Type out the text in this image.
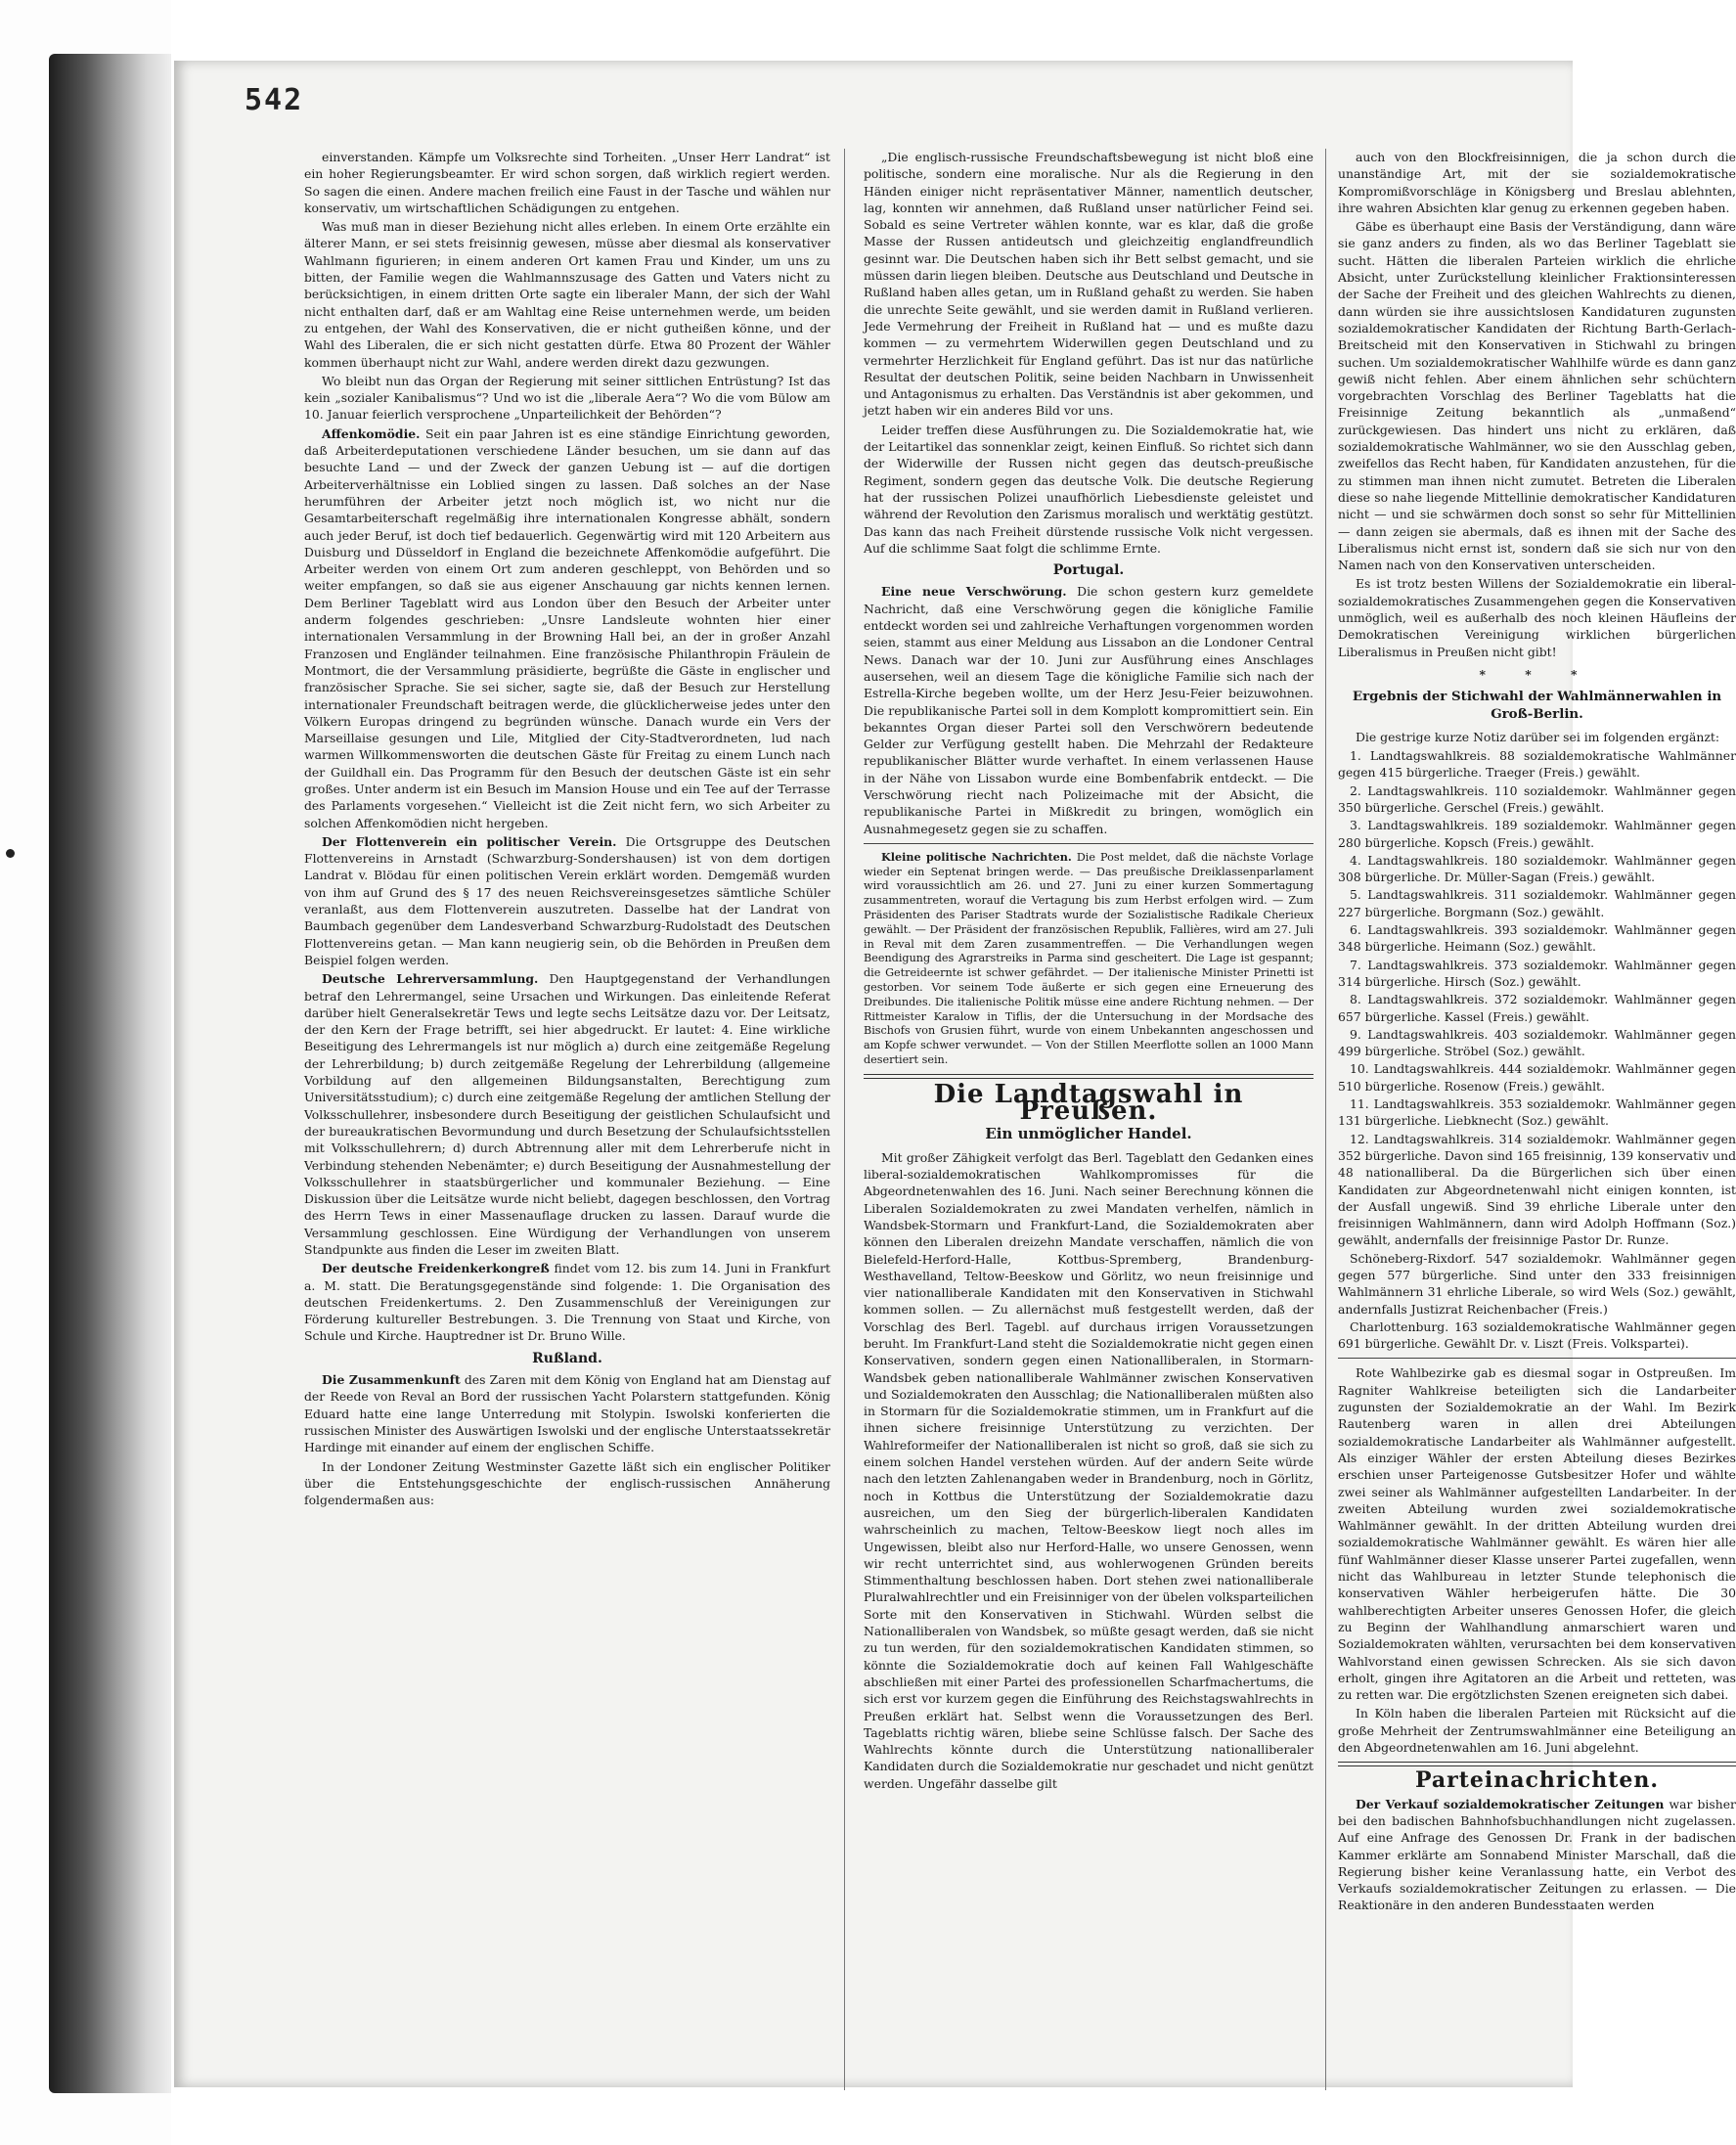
542

einverstanden. Kämpfe um Volksrechte sind Torheiten. „Unser Herr Landrat“ ist ein hoher Regierungsbeamter. Er wird schon sorgen, daß wirklich regiert werden. So sagen die einen. Andere machen freilich eine Faust in der Tasche und wählen nur konservativ, um wirtschaftlichen Schädigungen zu entgehen.

Was muß man in dieser Beziehung nicht alles erleben. In einem Orte erzählte ein älterer Mann, er sei stets freisinnig gewesen, müsse aber diesmal als konservativer Wahlmann figurieren; in einem anderen Ort kamen Frau und Kinder, um uns zu bitten, der Familie wegen die Wahlmannszusage des Gatten und Vaters nicht zu berücksichtigen, in einem dritten Orte sagte ein liberaler Mann, der sich der Wahl nicht enthalten darf, daß er am Wahltag eine Reise unternehmen werde, um beiden zu entgehen, der Wahl des Konservativen, die er nicht gutheißen könne, und der Wahl des Liberalen, die er sich nicht gestatten dürfe. Etwa 80 Prozent der Wähler kommen überhaupt nicht zur Wahl, andere werden direkt dazu gezwungen.

Wo bleibt nun das Organ der Regierung mit seiner sittlichen Entrüstung? Ist das kein „sozialer Kanibalismus“? Und wo ist die „liberale Aera“? Wo die vom Bülow am 10. Januar feierlich versprochene „Unparteilichkeit der Behörden“?

Affenkomödie. Seit ein paar Jahren ist es eine ständige Einrichtung geworden, daß Arbeiterdeputationen verschiedene Länder besuchen, um sie dann auf das besuchte Land — und der Zweck der ganzen Uebung ist — auf die dortigen Arbeiterverhältnisse ein Loblied singen zu lassen. Daß solches an der Nase herumführen der Arbeiter jetzt noch möglich ist, wo nicht nur die Gesamtarbeiterschaft regelmäßig ihre internationalen Kongresse abhält, sondern auch jeder Beruf, ist doch tief bedauerlich. Gegenwärtig wird mit 120 Arbeitern aus Duisburg und Düsseldorf in England die bezeichnete Affenkomödie aufgeführt. Die Arbeiter werden von einem Ort zum anderen geschleppt, von Behörden und so weiter empfangen, so daß sie aus eigener Anschauung gar nichts kennen lernen. Dem Berliner Tageblatt wird aus London über den Besuch der Arbeiter unter anderm folgendes geschrieben: „Unsre Landsleute wohnten hier einer internationalen Versammlung in der Browning Hall bei, an der in großer Anzahl Franzosen und Engländer teilnahmen. Eine französische Philanthropin Fräulein de Montmort, die der Versammlung präsidierte, begrüßte die Gäste in englischer und französischer Sprache. Sie sei sicher, sagte sie, daß der Besuch zur Herstellung internationaler Freundschaft beitragen werde, die glücklicherweise jedes unter den Völkern Europas dringend zu begründen wünsche. Danach wurde ein Vers der Marseillaise gesungen und Lile, Mitglied der City-Stadtverordneten, lud nach warmen Willkommensworten die deutschen Gäste für Freitag zu einem Lunch nach der Guildhall ein. Das Programm für den Besuch der deutschen Gäste ist ein sehr großes. Unter anderm ist ein Besuch im Mansion House und ein Tee auf der Terrasse des Parlaments vorgesehen.“ Vielleicht ist die Zeit nicht fern, wo sich Arbeiter zu solchen Affenkomödien nicht hergeben.

Der Flottenverein ein politischer Verein. Die Ortsgruppe des Deutschen Flottenvereins in Arnstadt (Schwarzburg-Sondershausen) ist von dem dortigen Landrat v. Blödau für einen politischen Verein erklärt worden. Demgemäß wurden von ihm auf Grund des § 17 des neuen Reichsvereinsgesetzes sämtliche Schüler veranlaßt, aus dem Flottenverein auszutreten. Dasselbe hat der Landrat von Baumbach gegenüber dem Landesverband Schwarzburg-Rudolstadt des Deutschen Flottenvereins getan. — Man kann neugierig sein, ob die Behörden in Preußen dem Beispiel folgen werden.

Deutsche Lehrerversammlung. Den Hauptgegenstand der Verhandlungen betraf den Lehrermangel, seine Ursachen und Wirkungen. Das einleitende Referat darüber hielt Generalsekretär Tews und legte sechs Leitsätze dazu vor. Der Leitsatz, der den Kern der Frage betrifft, sei hier abgedruckt. Er lautet: 4. Eine wirkliche Beseitigung des Lehrermangels ist nur möglich a) durch eine zeitgemäße Regelung der Lehrerbildung; b) durch zeitgemäße Regelung der Lehrerbildung (allgemeine Vorbildung auf den allgemeinen Bildungsanstalten, Berechtigung zum Universitätsstudium); c) durch eine zeitgemäße Regelung der amtlichen Stellung der Volksschullehrer, insbesondere durch Beseitigung der geistlichen Schulaufsicht und der bureaukratischen Bevormundung und durch Besetzung der Schulaufsichtsstellen mit Volksschullehrern; d) durch Abtrennung aller mit dem Lehrerberufe nicht in Verbindung stehenden Nebenämter; e) durch Beseitigung der Ausnahmestellung der Volksschullehrer in staatsbürgerlicher und kommunaler Beziehung. — Eine Diskussion über die Leitsätze wurde nicht beliebt, dagegen beschlossen, den Vortrag des Herrn Tews in einer Massenauflage drucken zu lassen. Darauf wurde die Versammlung geschlossen. Eine Würdigung der Verhandlungen von unserem Standpunkte aus finden die Leser im zweiten Blatt.

Der deutsche Freidenkerkongreß findet vom 12. bis zum 14. Juni in Frankfurt a. M. statt. Die Beratungsgegenstände sind folgende: 1. Die Organisation des deutschen Freidenkertums. 2. Den Zusammenschluß der Vereinigungen zur Förderung kultureller Bestrebungen. 3. Die Trennung von Staat und Kirche, von Schule und Kirche. Hauptredner ist Dr. Bruno Wille.

Rußland.

Die Zusammenkunft des Zaren mit dem König von England hat am Dienstag auf der Reede von Reval an Bord der russischen Yacht Polarstern stattgefunden. König Eduard hatte eine lange Unterredung mit Stolypin. Iswolski konferierten die russischen Minister des Auswärtigen Iswolski und der englische Unterstaatssekretär Hardinge mit einander auf einem der englischen Schiffe.

In der Londoner Zeitung Westminster Gazette läßt sich ein englischer Politiker über die Entstehungsgeschichte der englisch-russischen Annäherung folgendermaßen aus:

„Die englisch-russische Freundschaftsbewegung ist nicht bloß eine politische, sondern eine moralische. Nur als die Regierung in den Händen einiger nicht repräsentativer Männer, namentlich deutscher, lag, konnten wir annehmen, daß Rußland unser natürlicher Feind sei. Sobald es seine Vertreter wählen konnte, war es klar, daß die große Masse der Russen antideutsch und gleichzeitig englandfreundlich gesinnt war. Die Deutschen haben sich ihr Bett selbst gemacht, und sie müssen darin liegen bleiben. Deutsche aus Deutschland und Deutsche in Rußland haben alles getan, um in Rußland gehaßt zu werden. Sie haben die unrechte Seite gewählt, und sie werden damit in Rußland verlieren. Jede Vermehrung der Freiheit in Rußland hat — und es mußte dazu kommen — zu vermehrtem Widerwillen gegen Deutschland und zu vermehrter Herzlichkeit für England geführt. Das ist nur das natürliche Resultat der deutschen Politik, seine beiden Nachbarn in Unwissenheit und Antagonismus zu erhalten. Das Verständnis ist aber gekommen, und jetzt haben wir ein anderes Bild vor uns.

Leider treffen diese Ausführungen zu. Die Sozialdemokratie hat, wie der Leitartikel das sonnenklar zeigt, keinen Einfluß. So richtet sich dann der Widerwille der Russen nicht gegen das deutsch-preußische Regiment, sondern gegen das deutsche Volk. Die deutsche Regierung hat der russischen Polizei unaufhörlich Liebesdienste geleistet und während der Revolution den Zarismus moralisch und werktätig gestützt. Das kann das nach Freiheit dürstende russische Volk nicht vergessen. Auf die schlimme Saat folgt die schlimme Ernte.

Portugal.

Eine neue Verschwörung. Die schon gestern kurz gemeldete Nachricht, daß eine Verschwörung gegen die königliche Familie entdeckt worden sei und zahlreiche Verhaftungen vorgenommen worden seien, stammt aus einer Meldung aus Lissabon an die Londoner Central News. Danach war der 10. Juni zur Ausführung eines Anschlages ausersehen, weil an diesem Tage die königliche Familie sich nach der Estrella-Kirche begeben wollte, um der Herz Jesu-Feier beizuwohnen. Die republikanische Partei soll in dem Komplott kompromittiert sein. Ein bekanntes Organ dieser Partei soll den Verschwörern bedeutende Gelder zur Verfügung gestellt haben. Die Mehrzahl der Redakteure republikanischer Blätter wurde verhaftet. In einem verlassenen Hause in der Nähe von Lissabon wurde eine Bombenfabrik entdeckt. — Die Verschwörung riecht nach Polizeimache mit der Absicht, die republikanische Partei in Mißkredit zu bringen, womöglich ein Ausnahmegesetz gegen sie zu schaffen.

Kleine politische Nachrichten. Die Post meldet, daß die nächste Vorlage wieder ein Septenat bringen werde. — Das preußische Dreiklassenparlament wird voraussichtlich am 26. und 27. Juni zu einer kurzen Sommertagung zusammentreten, worauf die Vertagung bis zum Herbst erfolgen wird. — Zum Präsidenten des Pariser Stadtrats wurde der Sozialistische Radikale Cherieux gewählt. — Der Präsident der französischen Republik, Fallières, wird am 27. Juli in Reval mit dem Zaren zusammentreffen. — Die Verhandlungen wegen Beendigung des Agrarstreiks in Parma sind gescheitert. Die Lage ist gespannt; die Getreideernte ist schwer gefährdet. — Der italienische Minister Prinetti ist gestorben. Vor seinem Tode äußerte er sich gegen eine Erneuerung des Dreibundes. Die italienische Politik müsse eine andere Richtung nehmen. — Der Rittmeister Karalow in Tiflis, der die Untersuchung in der Mordsache des Bischofs von Grusien führt, wurde von einem Unbekannten angeschossen und am Kopfe schwer verwundet. — Von der Stillen Meerflotte sollen an 1000 Mann desertiert sein.

Die Landtagswahl in Preußen.
Ein unmöglicher Handel.

Mit großer Zähigkeit verfolgt das Berl. Tageblatt den Gedanken eines liberal-sozialdemokratischen Wahlkompromisses für die Abgeordnetenwahlen des 16. Juni. Nach seiner Berechnung können die Liberalen Sozialdemokraten zu zwei Mandaten verhelfen, nämlich in Wandsbek-Stormarn und Frankfurt-Land, die Sozialdemokraten aber können den Liberalen dreizehn Mandate verschaffen, nämlich die von Bielefeld-Herford-Halle, Kottbus-Spremberg, Brandenburg-Westhavelland, Teltow-Beeskow und Görlitz, wo neun freisinnige und vier nationalliberale Kandidaten mit den Konservativen in Stichwahl kommen sollen. — Zu allernächst muß festgestellt werden, daß der Vorschlag des Berl. Tagebl. auf durchaus irrigen Voraussetzungen beruht. Im Frankfurt-Land steht die Sozialdemokratie nicht gegen einen Konservativen, sondern gegen einen Nationalliberalen, in Stormarn-Wandsbek geben nationalliberale Wahlmänner zwischen Konservativen und Sozialdemokraten den Ausschlag; die Nationalliberalen müßten also in Stormarn für die Sozialdemokratie stimmen, um in Frankfurt auf die ihnen sichere freisinnige Unterstützung zu verzichten. Der Wahlreformeifer der Nationalliberalen ist nicht so groß, daß sie sich zu einem solchen Handel verstehen würden. Auf der andern Seite würde nach den letzten Zahlenangaben weder in Brandenburg, noch in Görlitz, noch in Kottbus die Unterstützung der Sozialdemokratie dazu ausreichen, um den Sieg der bürgerlich-liberalen Kandidaten wahrscheinlich zu machen, Teltow-Beeskow liegt noch alles im Ungewissen, bleibt also nur Herford-Halle, wo unsere Genossen, wenn wir recht unterrichtet sind, aus wohlerwogenen Gründen bereits Stimmenthaltung beschlossen haben. Dort stehen zwei nationalliberale Pluralwahlrechtler und ein Freisinniger von der übelen volksparteilichen Sorte mit den Konservativen in Stichwahl. Würden selbst die Nationalliberalen von Wandsbek, so müßte gesagt werden, daß sie nicht zu tun werden, für den sozialdemokratischen Kandidaten stimmen, so könnte die Sozialdemokratie doch auf keinen Fall Wahlgeschäfte abschließen mit einer Partei des professionellen Scharfmachertums, die sich erst vor kurzem gegen die Einführung des Reichstagswahlrechts in Preußen erklärt hat. Selbst wenn die Voraussetzungen des Berl. Tageblatts richtig wären, bliebe seine Schlüsse falsch. Der Sache des Wahlrechts könnte durch die Unterstützung nationalliberaler Kandidaten durch die Sozialdemokratie nur geschadet und nicht genützt werden. Ungefähr dasselbe gilt

auch von den Blockfreisinnigen, die ja schon durch die unanständige Art, mit der sie sozialdemokratische Kompromißvorschläge in Königsberg und Breslau ablehnten, ihre wahren Absichten klar genug zu erkennen gegeben haben.

Gäbe es überhaupt eine Basis der Verständigung, dann wäre sie ganz anders zu finden, als wo das Berliner Tageblatt sie sucht. Hätten die liberalen Parteien wirklich die ehrliche Absicht, unter Zurückstellung kleinlicher Fraktionsinteressen der Sache der Freiheit und des gleichen Wahlrechts zu dienen, dann würden sie ihre aussichtslosen Kandidaturen zugunsten sozialdemokratischer Kandidaten der Richtung Barth-Gerlach-Breitscheid mit den Konservativen in Stichwahl zu bringen suchen. Um sozialdemokratischer Wahlhilfe würde es dann ganz gewiß nicht fehlen. Aber einem ähnlichen sehr schüchtern vorgebrachten Vorschlag des Berliner Tageblatts hat die Freisinnige Zeitung bekanntlich als „unmaßend“ zurückgewiesen. Das hindert uns nicht zu erklären, daß sozialdemokratische Wahlmänner, wo sie den Ausschlag geben, zweifellos das Recht haben, für Kandidaten anzustehen, für die zu stimmen man ihnen nicht zumutet. Betreten die Liberalen diese so nahe liegende Mittellinie demokratischer Kandidaturen nicht — und sie schwärmen doch sonst so sehr für Mittellinien — dann zeigen sie abermals, daß es ihnen mit der Sache des Liberalismus nicht ernst ist, sondern daß sie sich nur von den Namen nach von den Konservativen unterscheiden.

Es ist trotz besten Willens der Sozialdemokratie ein liberal-sozialdemokratisches Zusammengehen gegen die Konservativen unmöglich, weil es außerhalb des noch kleinen Häufleins der Demokratischen Vereinigung wirklichen bürgerlichen Liberalismus in Preußen nicht gibt!

* * *
Ergebnis der Stichwahl der Wahlmännerwahlen in Groß-Berlin.

Die gestrige kurze Notiz darüber sei im folgenden ergänzt:

1. Landtagswahlkreis. 88 sozialdemokratische Wahlmänner gegen 415 bürgerliche. Traeger (Freis.) gewählt.
2. Landtagswahlkreis. 110 sozialdemokr. Wahlmänner gegen 350 bürgerliche. Gerschel (Freis.) gewählt.
3. Landtagswahlkreis. 189 sozialdemokr. Wahlmänner gegen 280 bürgerliche. Kopsch (Freis.) gewählt.
4. Landtagswahlkreis. 180 sozialdemokr. Wahlmänner gegen 308 bürgerliche. Dr. Müller-Sagan (Freis.) gewählt.
5. Landtagswahlkreis. 311 sozialdemokr. Wahlmänner gegen 227 bürgerliche. Borgmann (Soz.) gewählt.
6. Landtagswahlkreis. 393 sozialdemokr. Wahlmänner gegen 348 bürgerliche. Heimann (Soz.) gewählt.
7. Landtagswahlkreis. 373 sozialdemokr. Wahlmänner gegen 314 bürgerliche. Hirsch (Soz.) gewählt.
8. Landtagswahlkreis. 372 sozialdemokr. Wahlmänner gegen 657 bürgerliche. Kassel (Freis.) gewählt.
9. Landtagswahlkreis. 403 sozialdemokr. Wahlmänner gegen 499 bürgerliche. Ströbel (Soz.) gewählt.
10. Landtagswahlkreis. 444 sozialdemokr. Wahlmänner gegen 510 bürgerliche. Rosenow (Freis.) gewählt.
11. Landtagswahlkreis. 353 sozialdemokr. Wahlmänner gegen 131 bürgerliche. Liebknecht (Soz.) gewählt.
12. Landtagswahlkreis. 314 sozialdemokr. Wahlmänner gegen 352 bürgerliche. Davon sind 165 freisinnig, 139 konservativ und 48 nationalliberal. Da die Bürgerlichen sich über einen Kandidaten zur Abgeordnetenwahl nicht einigen konnten, ist der Ausfall ungewiß. Sind 39 ehrliche Liberale unter den freisinnigen Wahlmännern, dann wird Adolph Hoffmann (Soz.) gewählt, andernfalls der freisinnige Pastor Dr. Runze.
Schöneberg-Rixdorf. 547 sozialdemokr. Wahlmänner gegen gegen 577 bürgerliche. Sind unter den 333 freisinnigen Wahlmännern 31 ehrliche Liberale, so wird Wels (Soz.) gewählt, andernfalls Justizrat Reichenbacher (Freis.)
Charlottenburg. 163 sozialdemokratische Wahlmänner gegen 691 bürgerliche. Gewählt Dr. v. Liszt (Freis. Volkspartei).

Rote Wahlbezirke gab es diesmal sogar in Ostpreußen. Im Ragniter Wahlkreise beteiligten sich die Landarbeiter zugunsten der Sozialdemokratie an der Wahl. Im Bezirk Rautenberg waren in allen drei Abteilungen sozialdemokratische Landarbeiter als Wahlmänner aufgestellt. Als einziger Wähler der ersten Abteilung dieses Bezirkes erschien unser Parteigenosse Gutsbesitzer Hofer und wählte zwei seiner als Wahlmänner aufgestellten Landarbeiter. In der zweiten Abteilung wurden zwei sozialdemokratische Wahlmänner gewählt. In der dritten Abteilung wurden drei sozialdemokratische Wahlmänner gewählt. Es wären hier alle fünf Wahlmänner dieser Klasse unserer Partei zugefallen, wenn nicht das Wahlbureau in letzter Stunde telephonisch die konservativen Wähler herbeigerufen hätte. Die 30 wahlberechtigten Arbeiter unseres Genossen Hofer, die gleich zu Beginn der Wahlhandlung anmarschiert waren und Sozialdemokraten wählten, verursachten bei dem konservativen Wahlvorstand einen gewissen Schrecken. Als sie sich davon erholt, gingen ihre Agitatoren an die Arbeit und retteten, was zu retten war. Die ergötzlichsten Szenen ereigneten sich dabei.

In Köln haben die liberalen Parteien mit Rücksicht auf die große Mehrheit der Zentrumswahlmänner eine Beteiligung an den Abgeordnetenwahlen am 16. Juni abgelehnt.

Parteinachrichten.

Der Verkauf sozialdemokratischer Zeitungen war bisher bei den badischen Bahnhofsbuchhandlungen nicht zugelassen. Auf eine Anfrage des Genossen Dr. Frank in der badischen Kammer erklärte am Sonnabend Minister Marschall, daß die Regierung bisher keine Veranlassung hatte, ein Verbot des Verkaufs sozialdemokratischer Zeitungen zu erlassen. — Die Reaktionäre in den anderen Bundesstaaten werden
